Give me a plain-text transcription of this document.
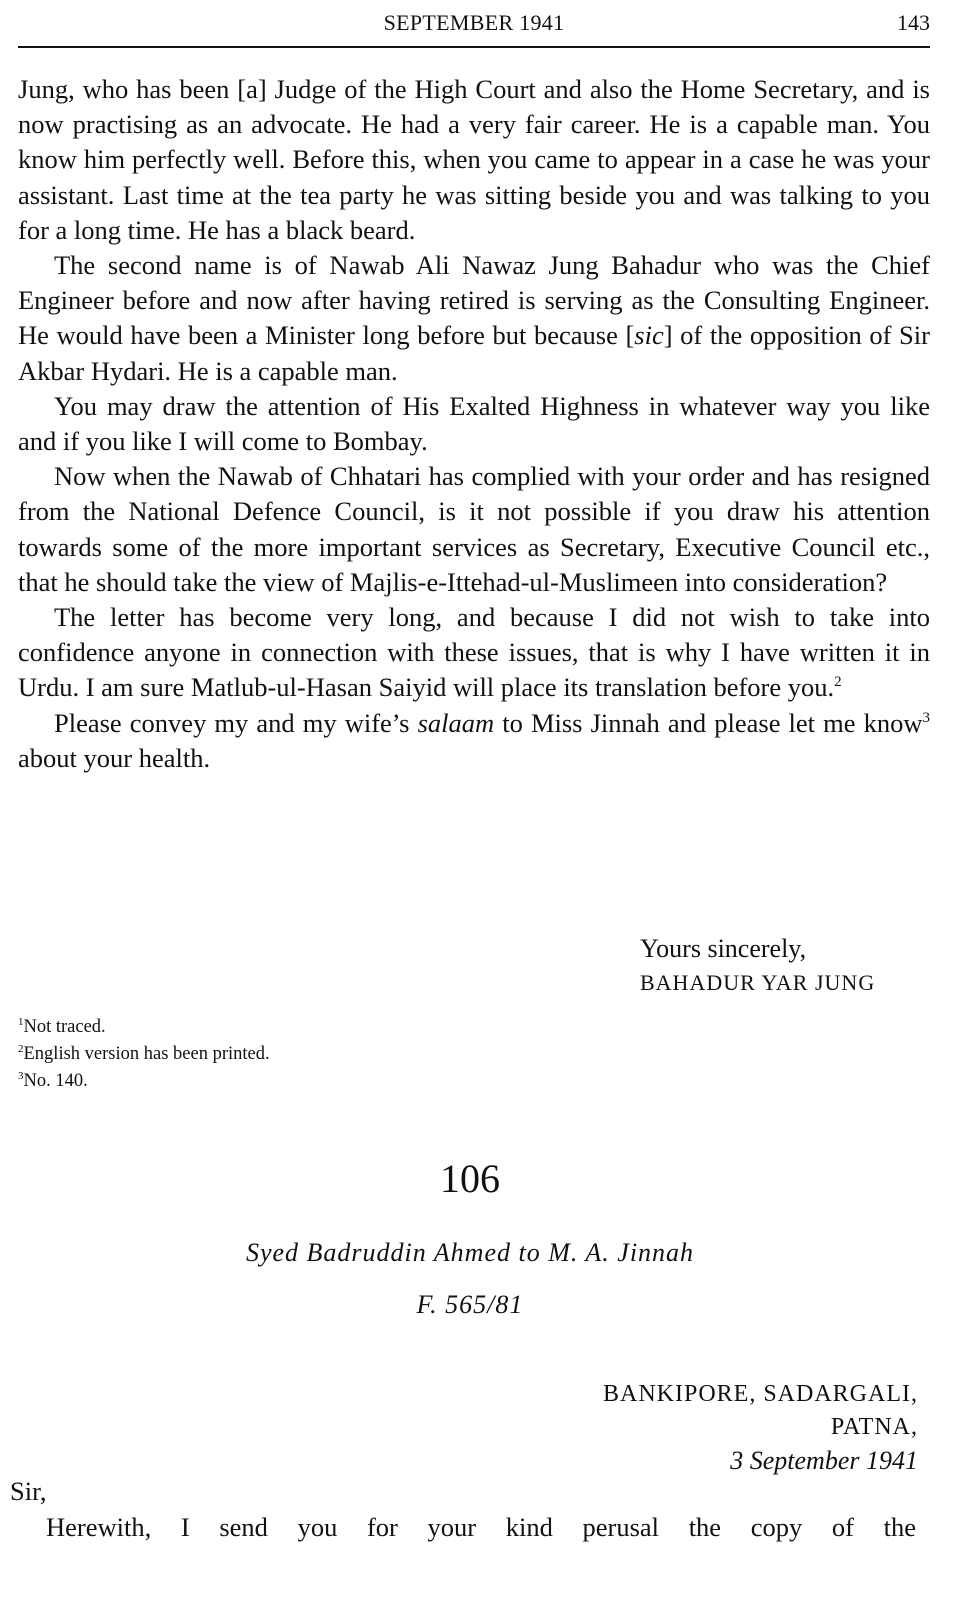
SEPTEMBER 1941	143

Jung, who has been [a] Judge of the High Court and also the Home Secretary, and is now practising as an advocate. He had a very fair career. He is a capable man. You know him perfectly well. Before this, when you came to appear in a case he was your assistant. Last time at the tea party he was sitting beside you and was talking to you for a long time. He has a black beard.

The second name is of Nawab Ali Nawaz Jung Bahadur who was the Chief Engineer before and now after having retired is serving as the Consulting Engineer. He would have been a Minister long before but because [sic] of the opposition of Sir Akbar Hydari. He is a capable man.

You may draw the attention of His Exalted Highness in whatever way you like and if you like I will come to Bombay.

Now when the Nawab of Chhatari has complied with your order and has resigned from the National Defence Council, is it not possible if you draw his attention towards some of the more important services as Secretary, Executive Council etc., that he should take the view of Majlis-e-Ittehad-ul-Muslimeen into consideration?

The letter has become very long, and because I did not wish to take into confidence anyone in connection with these issues, that is why I have written it in Urdu. I am sure Matlub-ul-Hasan Saiyid will place its translation before you.$^2$

Please convey my and my wife’s salaam to Miss Jinnah and please let me know$^3$ about your health.

Yours sincerely,

BAHADUR YAR JUNG
$^1$Not traced.
$^2$English version has been printed.
$^3$No. 140.
106
Syed Badruddin Ahmed to M. A. Jinnah
F. 565/81
BANKIPORE, SADARGALI,
PATNA,
3 September 1941
Sir,
Herewith, I send you for your kind perusal the copy of the
